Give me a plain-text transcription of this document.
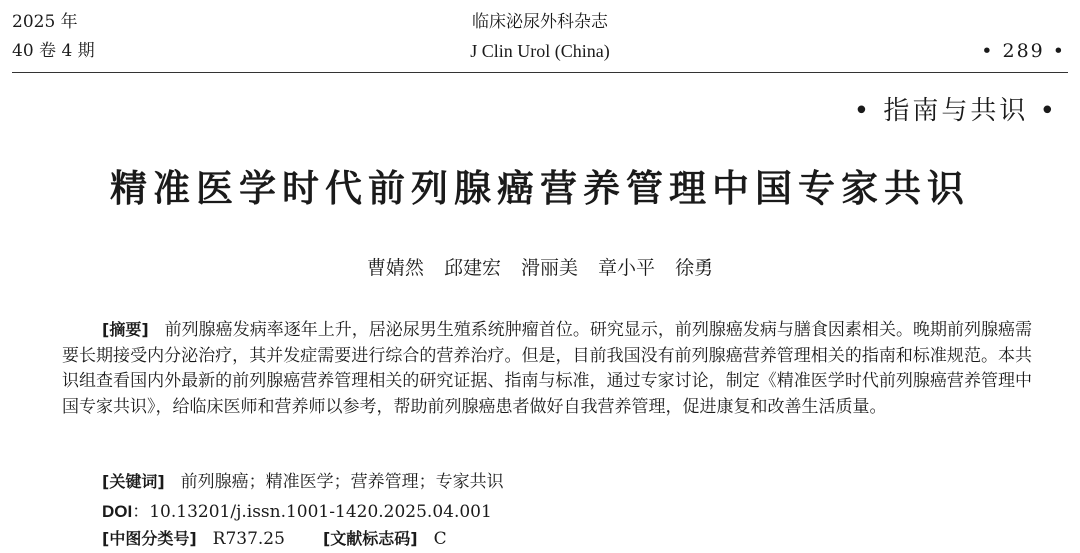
2025 年
40 卷 4 期
临床泌尿外科杂志
J Clin Urol (China)	• 289 •
• 指南与共识 •
精准医学时代前列腺癌营养管理中国专家共识
曹婧然 邱建宏 滑丽美 章小平 徐勇

[摘要] 前列腺癌发病率逐年上升，居泌尿男生殖系统肿瘤首位。研究显示，前列腺癌发病与膳食因素相关。晚期前列腺癌需要长期接受内分泌治疗，其并发症需要进行综合的营养治疗。但是，目前我国没有前列腺癌营养管理相关的指南和标准规范。本共识组查看国内外最新的前列腺癌营养管理相关的研究证据、指南与标准，通过专家讨论，制定《精准医学时代前列腺癌营养管理中国专家共识》，给临床医师和营养师以参考，帮助前列腺癌患者做好自我营养管理，促进康复和改善生活质量。

[关键词] 前列腺癌；精准医学；营养管理；专家共识
DOI：10.13201/j.issn.1001-1420.2025.04.001
[中图分类号] R737.25 [文献标志码] C
